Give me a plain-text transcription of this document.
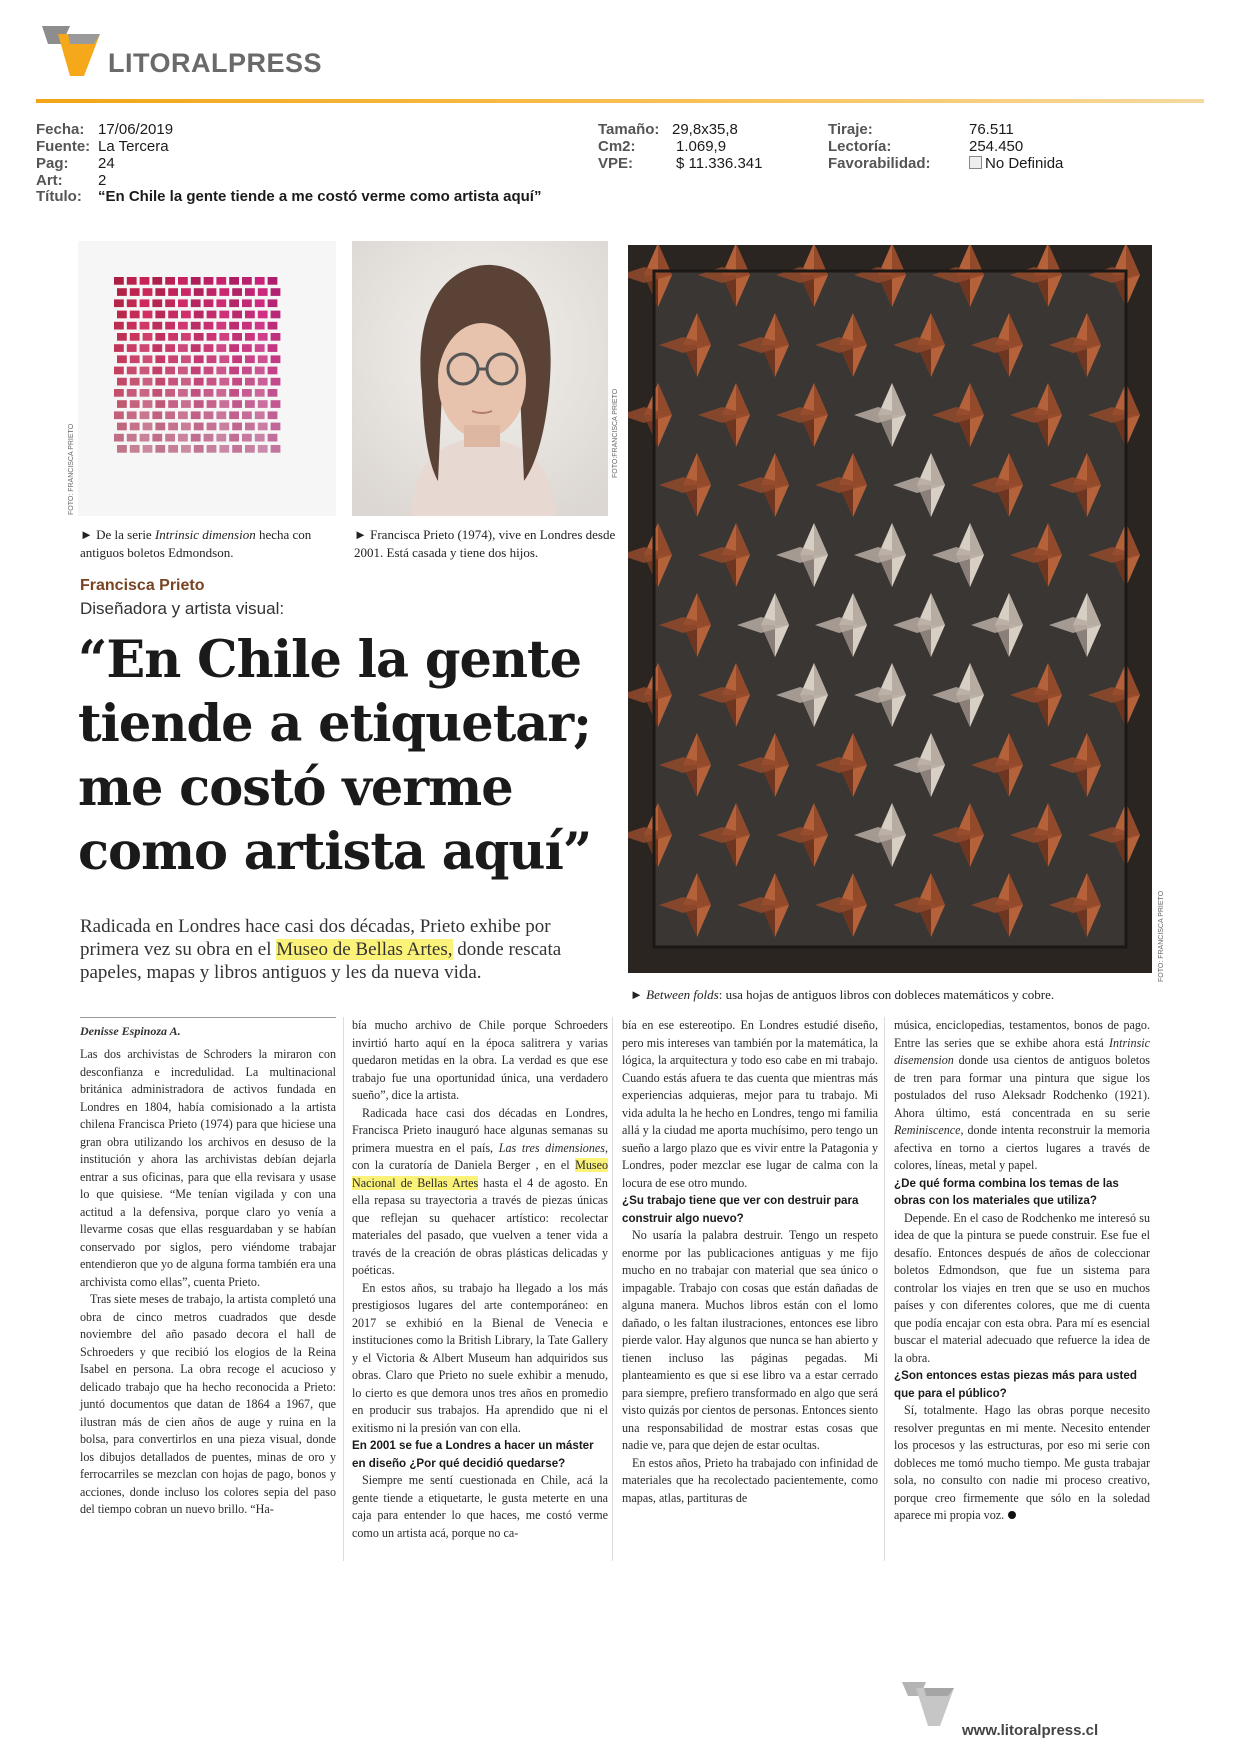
LITORALPRESS
Fecha: 17/06/2019
Fuente: La Tercera
Pag: 24
Art: 2
Título: “En Chile la gente tiende a me costó verme como artista aquí”
Tamaño: 29,8x35,8
Cm2:	1.069,9
VPE:	$ 11.336.341
Tiraje:	76.511
Lectoría:	254.450
Favorabilidad:	No Definida
FOTO: FRANCISCA PRIETO
► De la serie Intrinsic dimension hecha con antiguos boletos Edmondson.
FOTO:FRANCISCA PRIETO
► Francisca Prieto (1974), vive en Londres desde 2001. Está casada y tiene dos hijos.
FOTO: FRANCISCA PRIETO
► Between folds: usa hojas de antiguos libros con dobleces matemáticos y cobre.
Francisca Prieto
Diseñadora y artista visual:
“En Chile la gente tiende a etiquetar; me costó verme como artista aquí”
Radicada en Londres hace casi dos décadas, Prieto exhibe por primera vez su obra en el Museo de Bellas Artes, donde rescata papeles, mapas y libros antiguos y les da nueva vida.
Denisse Espinoza A.

Las dos archivistas de Schroders la miraron con desconfianza e incredulidad. La multinacional británica administradora de activos fundada en Londres en 1804, había comisionado a la artista chilena Francisca Prieto (1974) para que hiciese una gran obra utilizando los archivos en desuso de la institución y ahora las archivistas debían dejarla entrar a sus oficinas, para que ella revisara y usase lo que quisiese. “Me tenían vigilada y con una actitud a la defensiva, porque claro yo venía a llevarme cosas que ellas resguardaban y se habían conservado por siglos, pero viéndome trabajar entendieron que yo de alguna forma también era una archivista como ellas”, cuenta Prieto.

Tras siete meses de trabajo, la artista completó una obra de cinco metros cuadrados que desde noviembre del año pasado decora el hall de Schroeders y que recibió los elogios de la Reina Isabel en persona. La obra recoge el acucioso y delicado trabajo que ha hecho reconocida a Prieto: juntó documentos que datan de 1864 a 1967, que ilustran más de cien años de auge y ruina en la bolsa, para convertirlos en una pieza visual, donde los dibujos detallados de puentes, minas de oro y ferrocarriles se mezclan con hojas de pago, bonos y acciones, donde incluso los colores sepia del paso del tiempo cobran un nuevo brillo. “Ha-

bía mucho archivo de Chile porque Schroeders invirtió harto aquí en la época salitrera y varias quedaron metidas en la obra. La verdad es que ese trabajo fue una oportunidad única, una verdadero sueño”, dice la artista.

Radicada hace casi dos décadas en Londres, Francisca Prieto inauguró hace algunas semanas su primera muestra en el país, Las tres dimensiones, con la curatoría de Daniela Berger , en el Museo Nacional de Bellas Artes hasta el 4 de agosto. En ella repasa su trayectoria a través de piezas únicas que reflejan su quehacer artístico: recolectar materiales del pasado, que vuelven a tener vida a través de la creación de obras plásticas delicadas y poéticas.

En estos años, su trabajo ha llegado a los más prestigiosos lugares del arte contemporáneo: en 2017 se exhibió en la Bienal de Venecia e instituciones como la British Library, la Tate Gallery y el Victoria & Albert Museum han adquiridos sus obras. Claro que Prieto no suele exhibir a menudo, lo cierto es que demora unos tres años en promedio en producir sus trabajos. Ha aprendido que ni el exitismo ni la presión van con ella.

En 2001 se fue a Londres a hacer un máster en diseño ¿Por qué decidió quedarse?

Siempre me sentí cuestionada en Chile, acá la gente tiende a etiquetarte, le gusta meterte en una caja para entender lo que haces, me costó verme como un artista acá, porque no ca-

bía en ese estereotipo. En Londres estudié diseño, pero mis intereses van también por la matemática, la lógica, la arquitectura y todo eso cabe en mi trabajo. Cuando estás afuera te das cuenta que mientras más experiencias adquieras, mejor para tu trabajo. Mi vida adulta la he hecho en Londres, tengo mi familia allá y la ciudad me aporta muchísimo, pero tengo un sueño a largo plazo que es vivir entre la Patagonia y Londres, poder mezclar ese lugar de calma con la locura de ese otro mundo.

¿Su trabajo tiene que ver con destruir para construir algo nuevo?

No usaría la palabra destruir. Tengo un respeto enorme por las publicaciones antiguas y me fijo mucho en no trabajar con material que sea único o impagable. Trabajo con cosas que están dañadas de alguna manera. Muchos libros están con el lomo dañado, o les faltan ilustraciones, entonces ese libro pierde valor. Hay algunos que nunca se han abierto y tienen incluso las páginas pegadas. Mi planteamiento es que si ese libro va a estar cerrado para siempre, prefiero transformado en algo que será visto quizás por cientos de personas. Entonces siento una responsabilidad de mostrar estas cosas que nadie ve, para que dejen de estar ocultas.

En estos años, Prieto ha trabajado con infinidad de materiales que ha recolectado pacientemente, como mapas, atlas, partituras de

música, enciclopedias, testamentos, bonos de pago. Entre las series que se exhibe ahora está Intrinsic disemension donde usa cientos de antiguos boletos de tren para formar una pintura que sigue los postulados del ruso Aleksadr Rodchenko (1921). Ahora último, está concentrada en su serie Reminiscence, donde intenta reconstruir la memoria afectiva en torno a ciertos lugares a través de colores, líneas, metal y papel.

¿De qué forma combina los temas de las obras con los materiales que utiliza?

Depende. En el caso de Rodchenko me interesó su idea de que la pintura se puede construir. Ese fue el desafío. Entonces después de años de coleccionar boletos Edmondson, que fue un sistema para controlar los viajes en tren que se uso en muchos países y con diferentes colores, que me di cuenta que podía encajar con esta obra. Para mí es esencial buscar el material adecuado que refuerce la idea de la obra.

¿Son entonces estas piezas más para usted que para el público?

Sí, totalmente. Hago las obras porque necesito resolver preguntas en mi mente. Necesito entender los procesos y las estructuras, por eso mi serie con dobleces me tomó mucho tiempo. Me gusta trabajar sola, no consulto con nadie mi proceso creativo, porque creo firmemente que sólo en la soledad aparece mi propia voz.

www.litoralpress.cl
